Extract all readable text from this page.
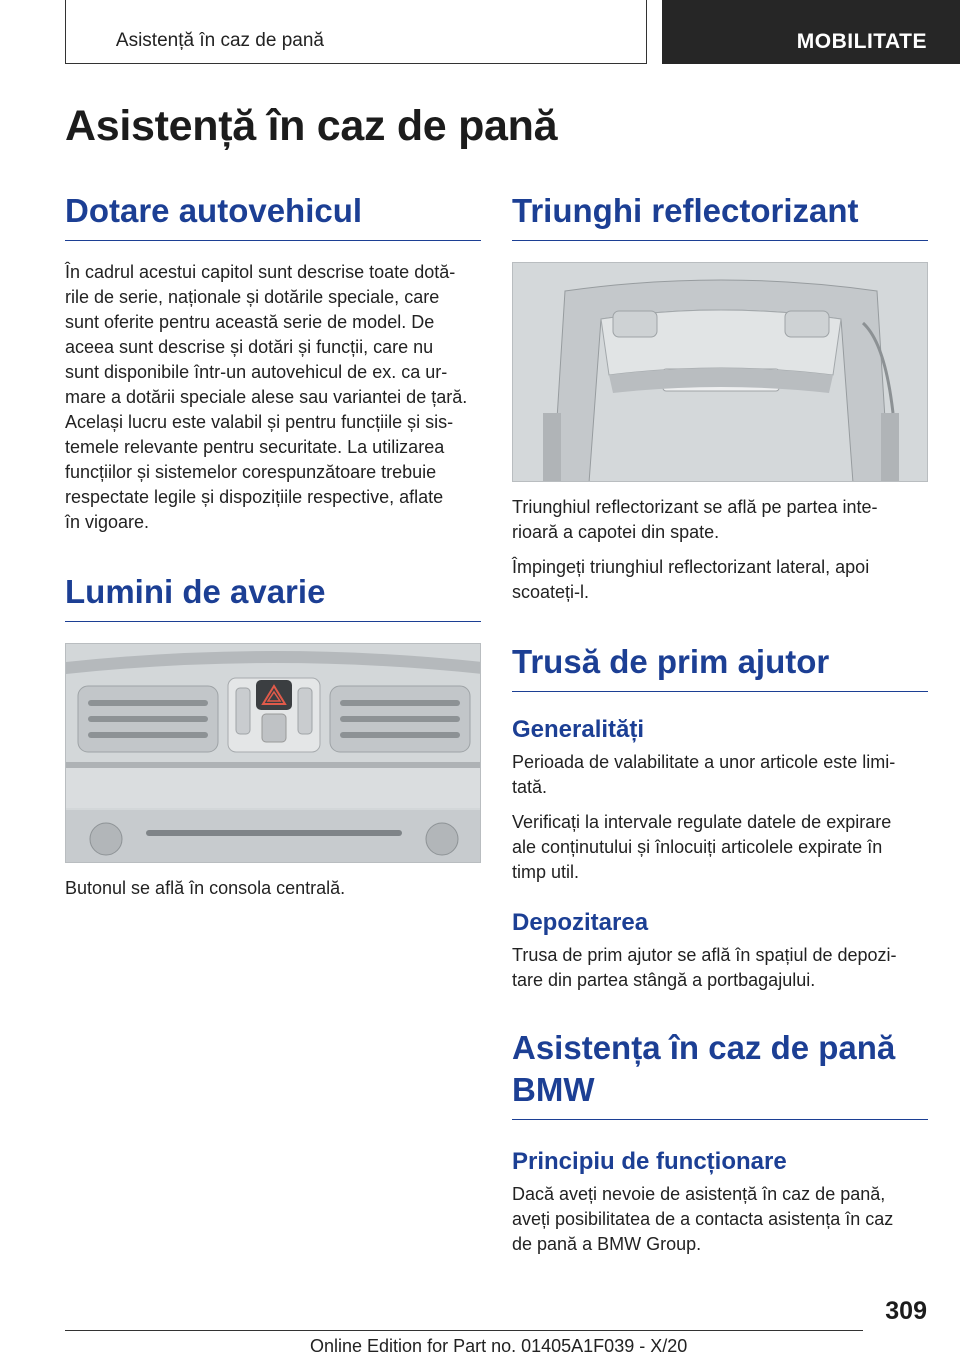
Asistență în caz de pană	MOBILITATE
Asistență în caz de pană
Dotare autovehicul

În cadrul acestui capitol sunt descrise toate dotă‐
rile de serie, naționale și dotările speciale, care
sunt oferite pentru această serie de model. De
aceea sunt descrise și dotări și funcții, care nu
sunt disponibile într-un autovehicul de ex. ca ur‐
mare a dotării speciale alese sau variantei de țară.
Același lucru este valabil și pentru funcțiile și sis‐
temele relevante pentru securitate. La utilizarea
funcțiilor și sistemelor corespunzătoare trebuie
respectate legile și dispozițiile respective, aflate
în vigoare.

Lumini de avarie

Butonul se află în consola centrală.

Triunghi reflectorizant

Triunghiul reflectorizant se află pe partea inte‐
rioară a capotei din spate.

Împingeți triunghiul reflectorizant lateral, apoi
scoateți-l.

Trusă de prim ajutor
Generalități

Perioada de valabilitate a unor articole este limi‐
tată.

Verificați la intervale regulate datele de expirare
ale conținutului și înlocuiți articolele expirate în
timp util.

Depozitarea

Trusa de prim ajutor se află în spațiul de depozi‐
tare din partea stângă a portbagajului.

Asistența în caz de pană
BMW
Principiu de funcționare

Dacă aveți nevoie de asistență în caz de pană,
aveți posibilitatea de a contacta asistența în caz
de pană a BMW Group.

309
Online Edition for Part no. 01405A1F039 - X/20
